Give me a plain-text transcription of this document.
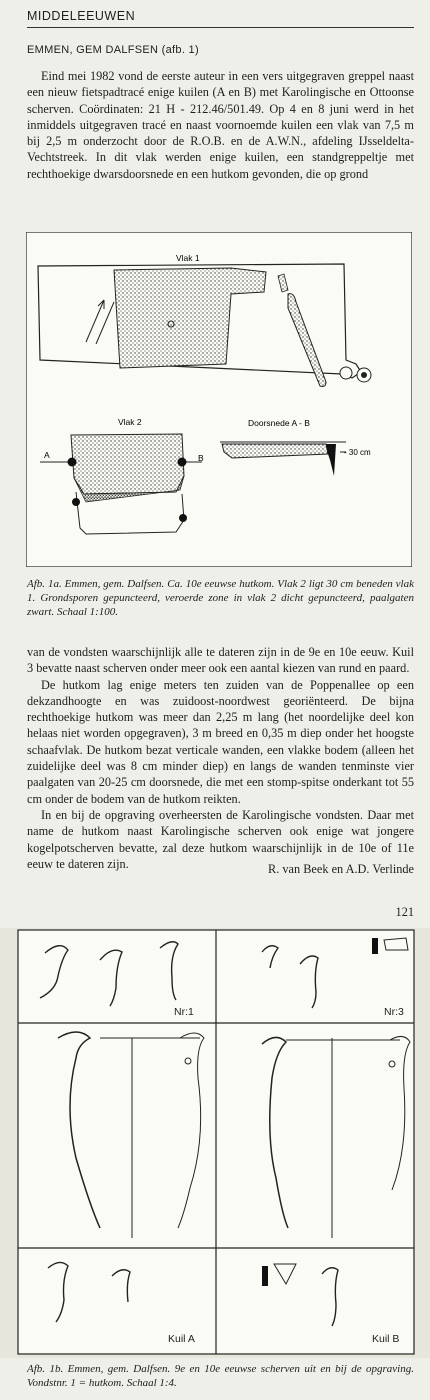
MIDDELEEUWEN
EMMEN, GEM DALFSEN (afb. 1)

Eind mei 1982 vond de eerste auteur in een vers uitgegraven greppel naast een nieuw fietspadtracé enige kuilen (A en B) met Karolingische en Ottoonse scherven. Coördinaten: 21 H - 212.46/501.49. Op 4 en 8 juni werd in het inmiddels uitgegraven tracé en naast voornoemde kuilen een vlak van 7,5 m bij 2,5 m onderzocht door de R.O.B. en de A.W.N., afdeling IJsseldelta-Vechtstreek. In dit vlak werden enige kuilen, een standgreppeltje met rechthoekige dwarsdoorsnede en een hutkom gevonden, die op grond

Vlak 1
Vlak 2
A	B
Doorsnede A - B
- 30 cm
Afb. 1a. Emmen, gem. Dalfsen. Ca. 10e eeuwse hutkom. Vlak 2 ligt 30 cm beneden vlak 1. Grondsporen gepuncteerd, veroerde zone in vlak 2 dicht gepuncteerd, paalgaten zwart. Schaal 1:100.

van de vondsten waarschijnlijk alle te dateren zijn in de 9e en 10e eeuw. Kuil 3 bevatte naast scherven onder meer ook een aantal kiezen van rund en paard.

De hutkom lag enige meters ten zuiden van de Poppenallee op een dekzandhoogte en was zuidoost-noordwest georiënteerd. De bijna rechthoekige hutkom was meer dan 2,25 m lang (het noordelijke deel kon helaas niet worden opgegraven), 3 m breed en 0,35 m diep onder het hoogste schaafvlak. De hutkom bezat verticale wanden, een vlakke bodem (alleen het zuidelijke deel was 8 cm minder diep) en langs de wanden tenminste vier paalgaten van 20-25 cm doorsnede, die met een stomp-spitse onderkant tot 55 cm onder de bodem van de hutkom reikten.

In en bij de opgraving overheersten de Karolingische vondsten. Daar met name de hutkom naast Karolingische scherven ook enige wat jongere kogelpotscherven bevatte, zal deze hutkom waarschijnlijk in de 10e of 11e eeuw te dateren zijn.	R. van Beek en A.D. Verlinde
121
Nr:1	Nr:3
Kuil A	Kuil B
Afb. 1b. Emmen, gem. Dalfsen. 9e en 10e eeuwse scherven uit en bij de opgraving. Vondstnr. 1 = hutkom. Schaal 1:4.
